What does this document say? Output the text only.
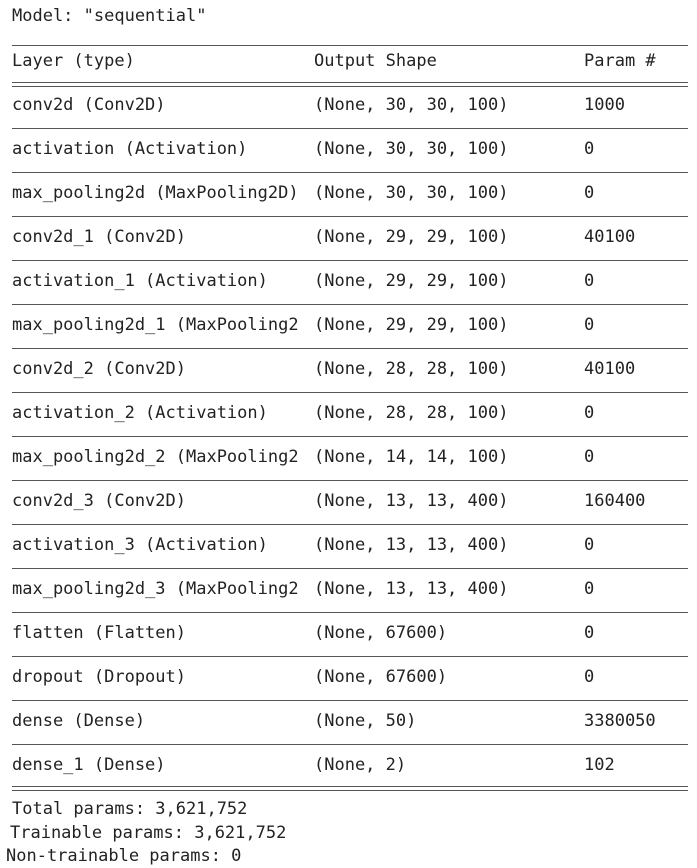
Model: "sequential"
Layer (type)	Output Shape	Param #
conv2d (Conv2D)	(None, 30, 30, 100)	1000
activation (Activation)	(None, 30, 30, 100)	0
max_pooling2d (MaxPooling2D) (None, 30, 30, 100)	0
conv2d_1 (Conv2D)	(None, 29, 29, 100)	40100
activation_1 (Activation)	(None, 29, 29, 100)	0
max_pooling2d_1 (MaxPooling2 (None, 29, 29, 100)	0
conv2d_2 (Conv2D)	(None, 28, 28, 100)	40100
activation_2 (Activation)	(None, 28, 28, 100)	0
max_pooling2d_2 (MaxPooling2 (None, 14, 14, 100)	0
conv2d_3 (Conv2D)	(None, 13, 13, 400)	160400
activation_3 (Activation)	(None, 13, 13, 400)	0
max_pooling2d_3 (MaxPooling2 (None, 13, 13, 400)	0
flatten (Flatten)	(None, 67600)	0
dropout (Dropout)	(None, 67600)	0
dense (Dense)	(None, 50)	3380050
dense_1 (Dense)	(None, 2)	102
Total params: 3,621,752
Trainable params: 3,621,752
Non-trainable params: 0
